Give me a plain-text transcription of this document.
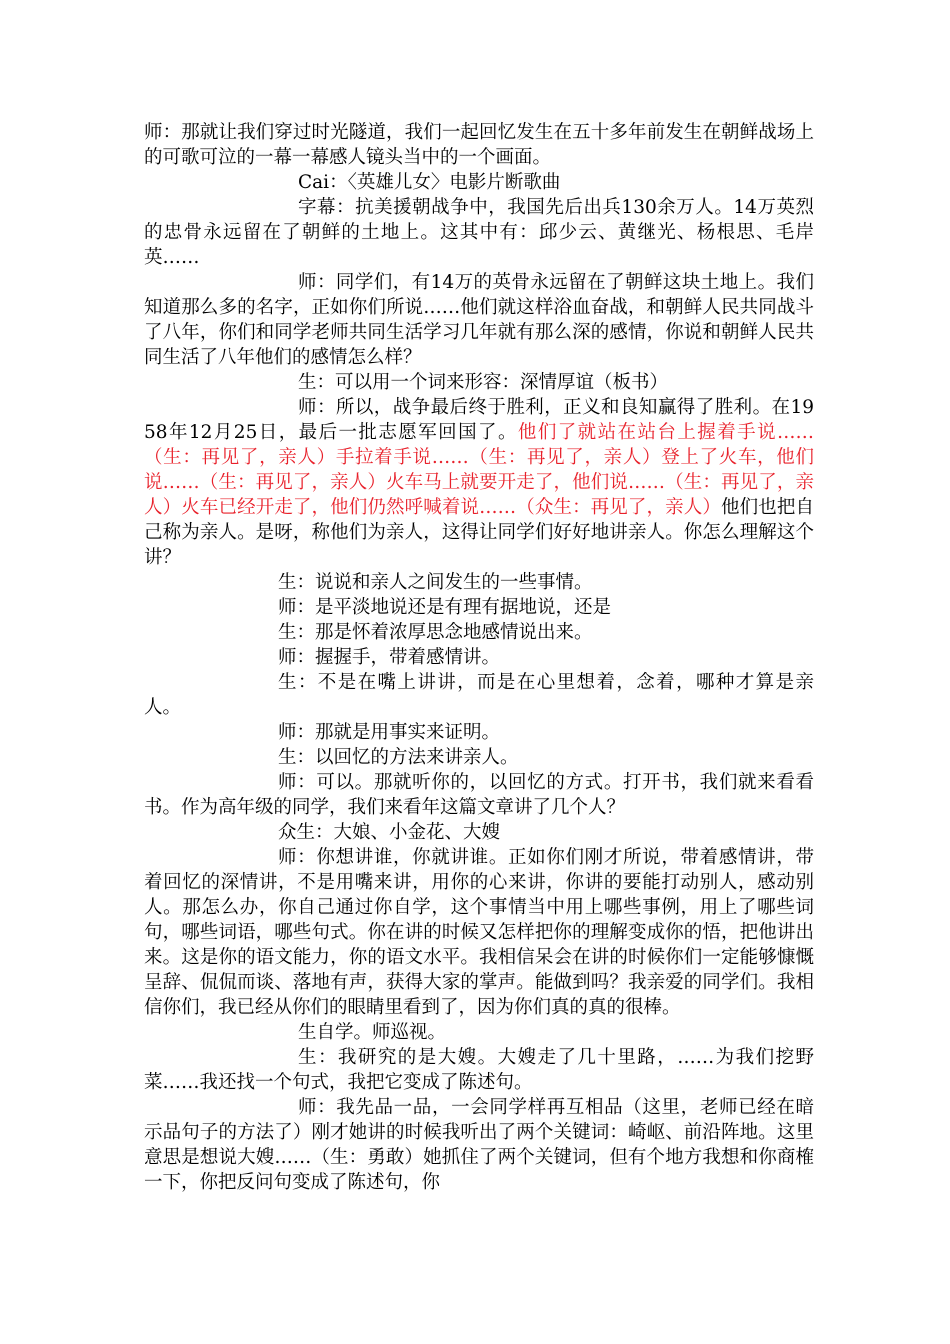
师：那就让我们穿过时光隧道，我们一起回忆发生在五十多年前发生在朝鲜战场上的可歌可泣的一幕一幕感人镜头当中的一个画面。

Cai：〈英雄儿女〉电影片断歌曲

字幕：抗美援朝战争中，我国先后出兵130余万人。14万英烈的忠骨永远留在了朝鲜的土地上。这其中有：邱少云、黄继光、杨根思、毛岸英……

师：同学们，有14万的英骨永远留在了朝鲜这块土地上。我们知道那么多的名字，正如你们所说……他们就这样浴血奋战，和朝鲜人民共同战斗了八年，你们和同学老师共同生活学习几年就有那么深的感情，你说和朝鲜人民共同生活了八年他们的感情怎么样？

生：可以用一个词来形容：深情厚谊（板书）

师：所以，战争最后终于胜利，正义和良知赢得了胜利。在1958年12月25日，最后一批志愿军回国了。他们了就站在站台上握着手说……（生：再见了，亲人）手拉着手说……（生：再见了，亲人）登上了火车，他们说……（生：再见了，亲人）火车马上就要开走了，他们说……（生：再见了，亲人）火车已经开走了，他们仍然呼喊着说……（众生：再见了，亲人）他们也把自己称为亲人。是呀，称他们为亲人，这得让同学们好好地讲亲人。你怎么理解这个讲？

生：说说和亲人之间发生的一些事情。

师：是平淡地说还是有理有据地说，还是

生：那是怀着浓厚思念地感情说出来。

师：握握手，带着感情讲。

生：不是在嘴上讲讲，而是在心里想着，念着，哪种才算是亲人。

师：那就是用事实来证明。

生：以回忆的方法来讲亲人。

师：可以。那就听你的，以回忆的方式。打开书，我们就来看看书。作为高年级的同学，我们来看年这篇文章讲了几个人？

众生：大娘、小金花、大嫂

师：你想讲谁，你就讲谁。正如你们刚才所说，带着感情讲，带着回忆的深情讲，不是用嘴来讲，用你的心来讲，你讲的要能打动别人，感动别人。那怎么办，你自己通过你自学，这个事情当中用上哪些事例，用上了哪些词句，哪些词语，哪些句式。你在讲的时候又怎样把你的理解变成你的悟，把他讲出来。这是你的语文能力，你的语文水平。我相信呆会在讲的时候你们一定能够慷慨呈辞、侃侃而谈、落地有声，获得大家的掌声。能做到吗？我亲爱的同学们。我相信你们，我已经从你们的眼睛里看到了，因为你们真的真的很棒。

生自学。师巡视。

生：我研究的是大嫂。大嫂走了几十里路，……为我们挖野菜……我还找一个句式，我把它变成了陈述句。

师：我先品一品，一会同学样再互相品（这里，老师已经在暗示品句子的方法了）刚才她讲的时候我听出了两个关键词：崎岖、前沿阵地。这里意思是想说大嫂……（生：勇敢）她抓住了两个关键词，但有个地方我想和你商榷一下，你把反问句变成了陈述句，你
